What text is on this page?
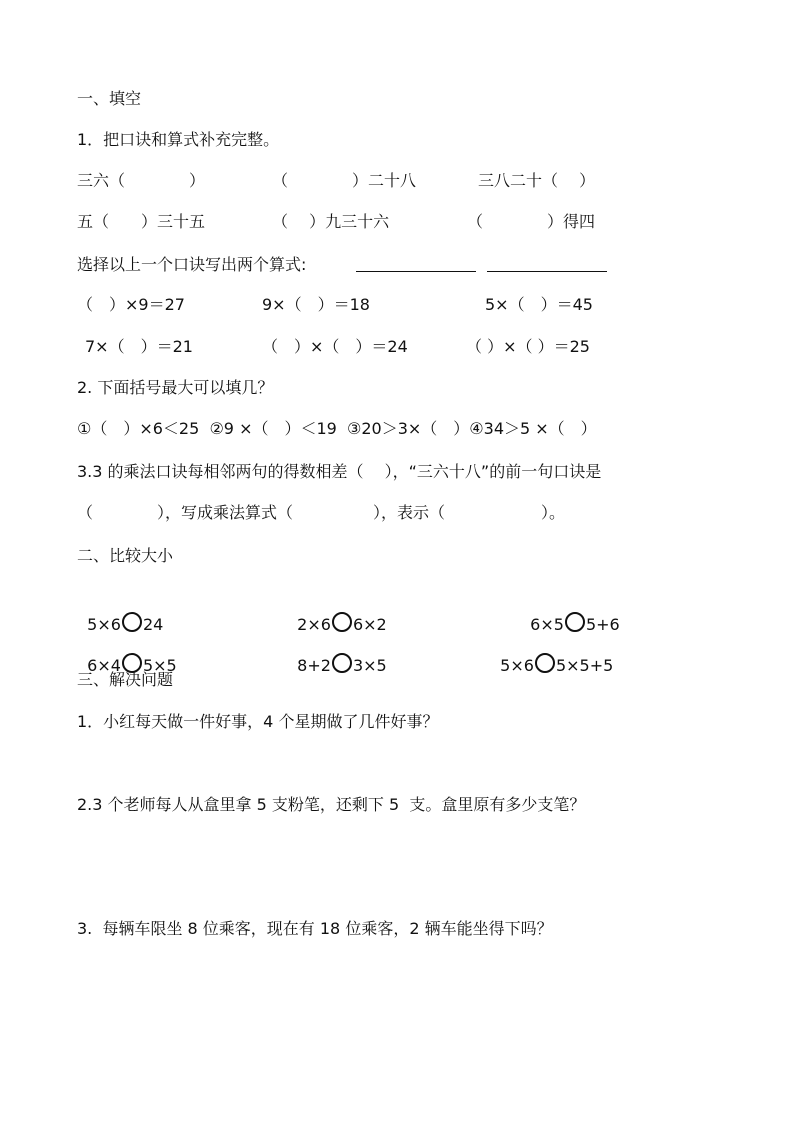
一、填空
1．把口诀和算式补充完整。
三六（　　　　）	（　　　　）二十八	三八二十（　 ）
五（　　）三十五	（　 ）九三十六	（　　　　）得四
选择以上一个口诀写出两个算式:
（　）×9＝27	9×（　）＝18	5×（　）＝45
7×（　）＝21	（　）×（　）＝24	（ ）×（ ）＝25
2. 下面括号最大可以填几？
①（　）×6＜25  ②9 ×（　）＜19  ③20＞3×（　）④34＞5 ×（　）
3.3 的乘法口诀每相邻两句的得数相差（　 ），“三六十八”的前一句口诀是
（　　　　），写成乘法算式（　　　　　），表示（　　　　　　）。
二、比较大小

5×6 24	2×6 6×2	6×5 5+6

6×4 5×5	8+2 3×5	5×6 5×5+5

三、解决问题
1．小红每天做一件好事，4 个星期做了几件好事？
2.3 个老师每人从盒里拿 5 支粉笔，还剩下 5  支。盒里原有多少支笔？
3.  每辆车限坐 8 位乘客，现在有 18 位乘客，2 辆车能坐得下吗？
